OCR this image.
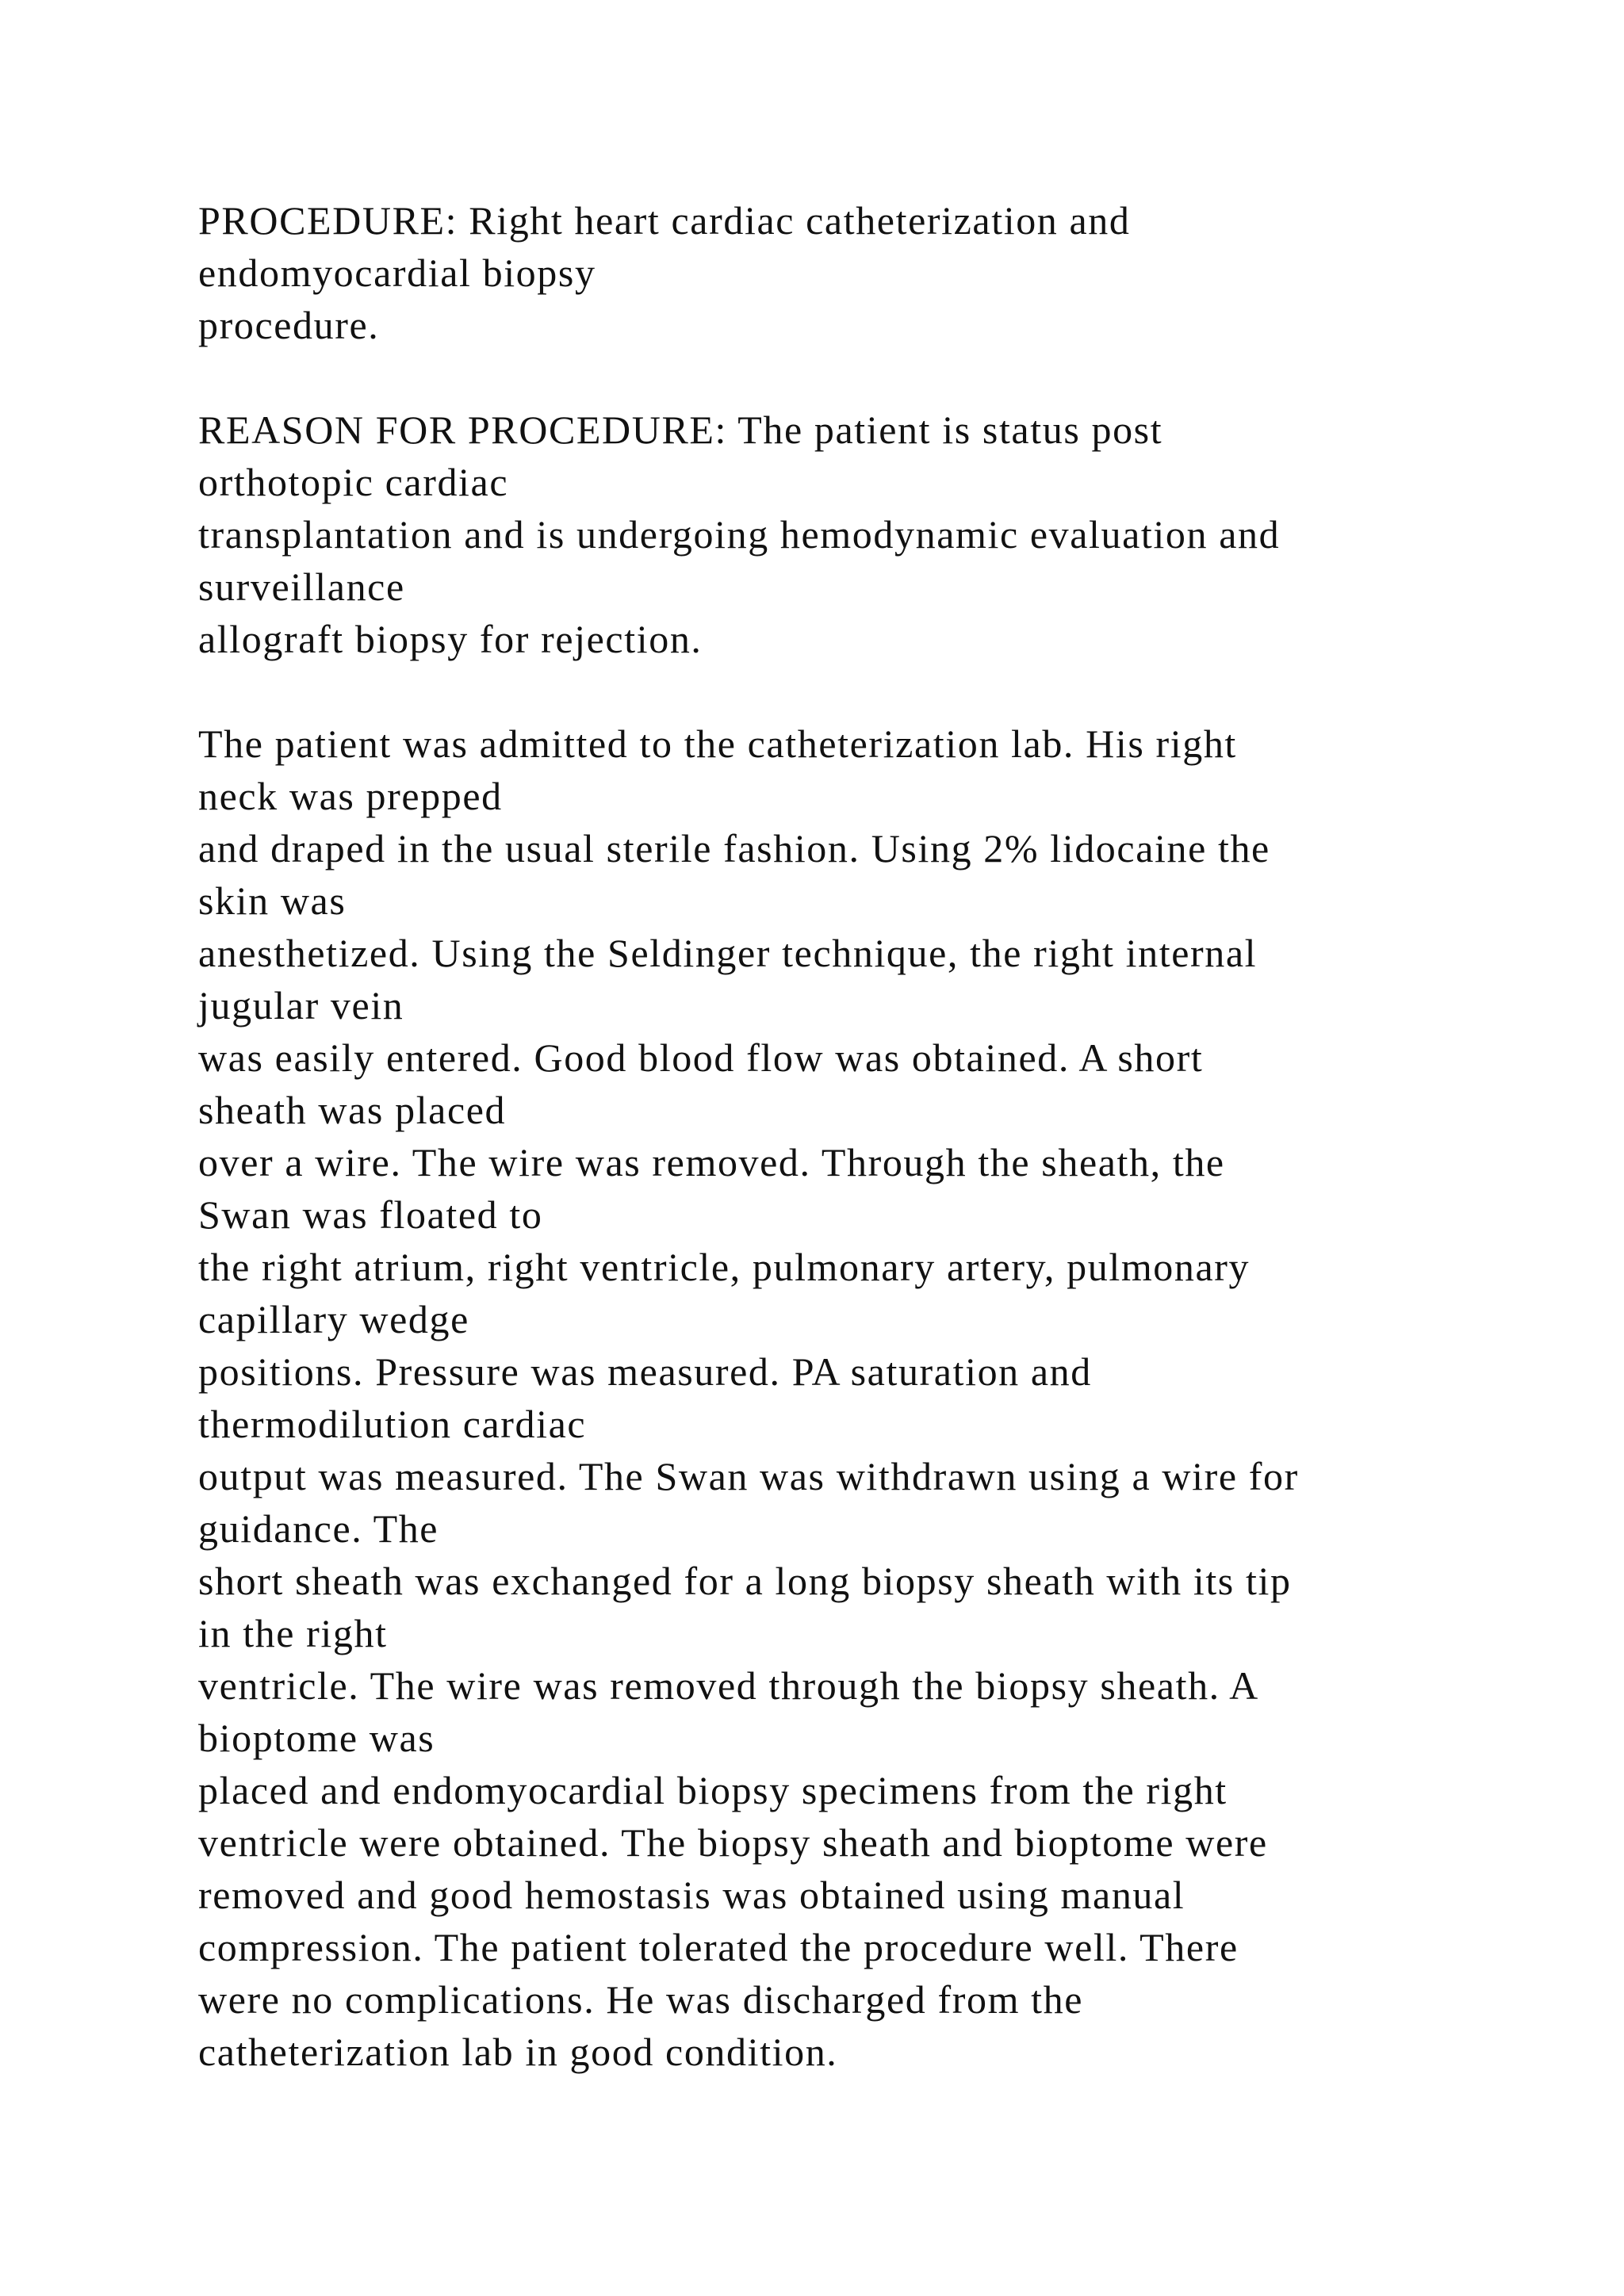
PROCEDURE: Right heart cardiac catheterization and
endomyocardial biopsy
procedure.

REASON FOR PROCEDURE: The patient is status post
orthotopic cardiac
transplantation and is undergoing hemodynamic evaluation and
surveillance
allograft biopsy for rejection.

The patient was admitted to the catheterization lab. His right
neck was prepped
and draped in the usual sterile fashion. Using 2% lidocaine the
skin was
anesthetized. Using the Seldinger technique, the right internal
jugular vein
was easily entered. Good blood flow was obtained. A short
sheath was placed
over a wire. The wire was removed. Through the sheath, the
Swan was floated to
the right atrium, right ventricle, pulmonary artery, pulmonary
capillary wedge
positions. Pressure was measured. PA saturation and
thermodilution cardiac
output was measured. The Swan was withdrawn using a wire for
guidance. The
short sheath was exchanged for a long biopsy sheath with its tip
in the right
ventricle. The wire was removed through the biopsy sheath. A
bioptome was
placed and endomyocardial biopsy specimens from the right
ventricle were obtained. The biopsy sheath and bioptome were
removed and good hemostasis was obtained using manual
compression. The patient tolerated the procedure well. There
were no complications. He was discharged from the
catheterization lab in good condition.
